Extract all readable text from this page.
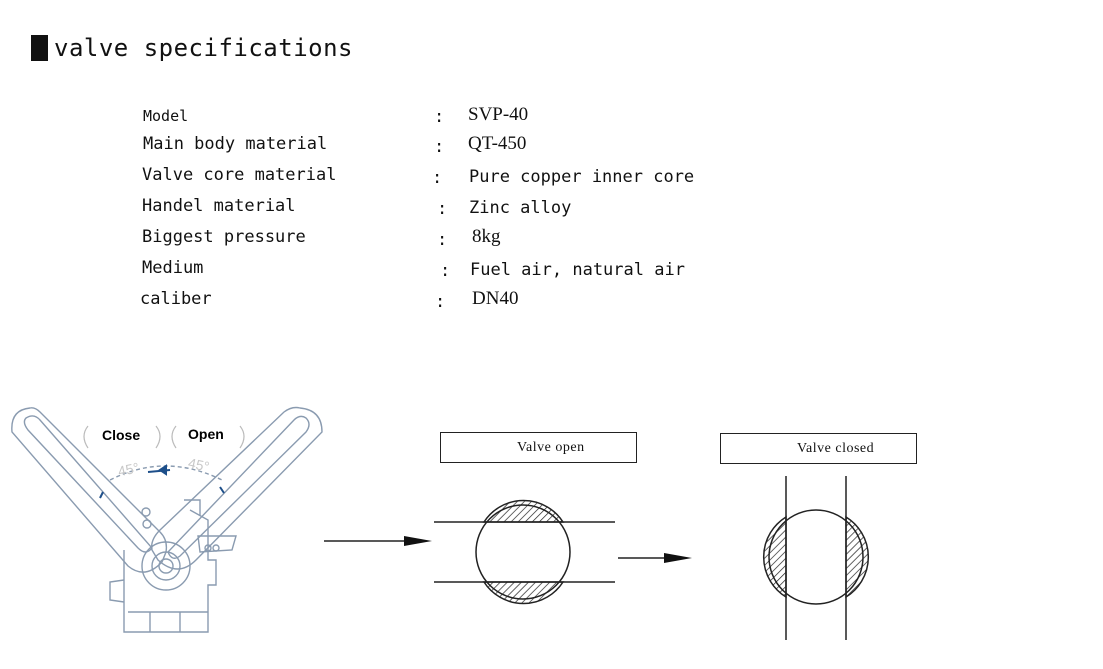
valve specifications
Model	: SVP-40
Main body material	: QT-450
Valve core material	: Pure copper inner core
Handel material	: Zinc alloy
Biggest pressure	: 8kg
Medium	: Fuel air, natural air
caliber	: DN40
Close	Open
45°	45°
Valve open	Valve closed
